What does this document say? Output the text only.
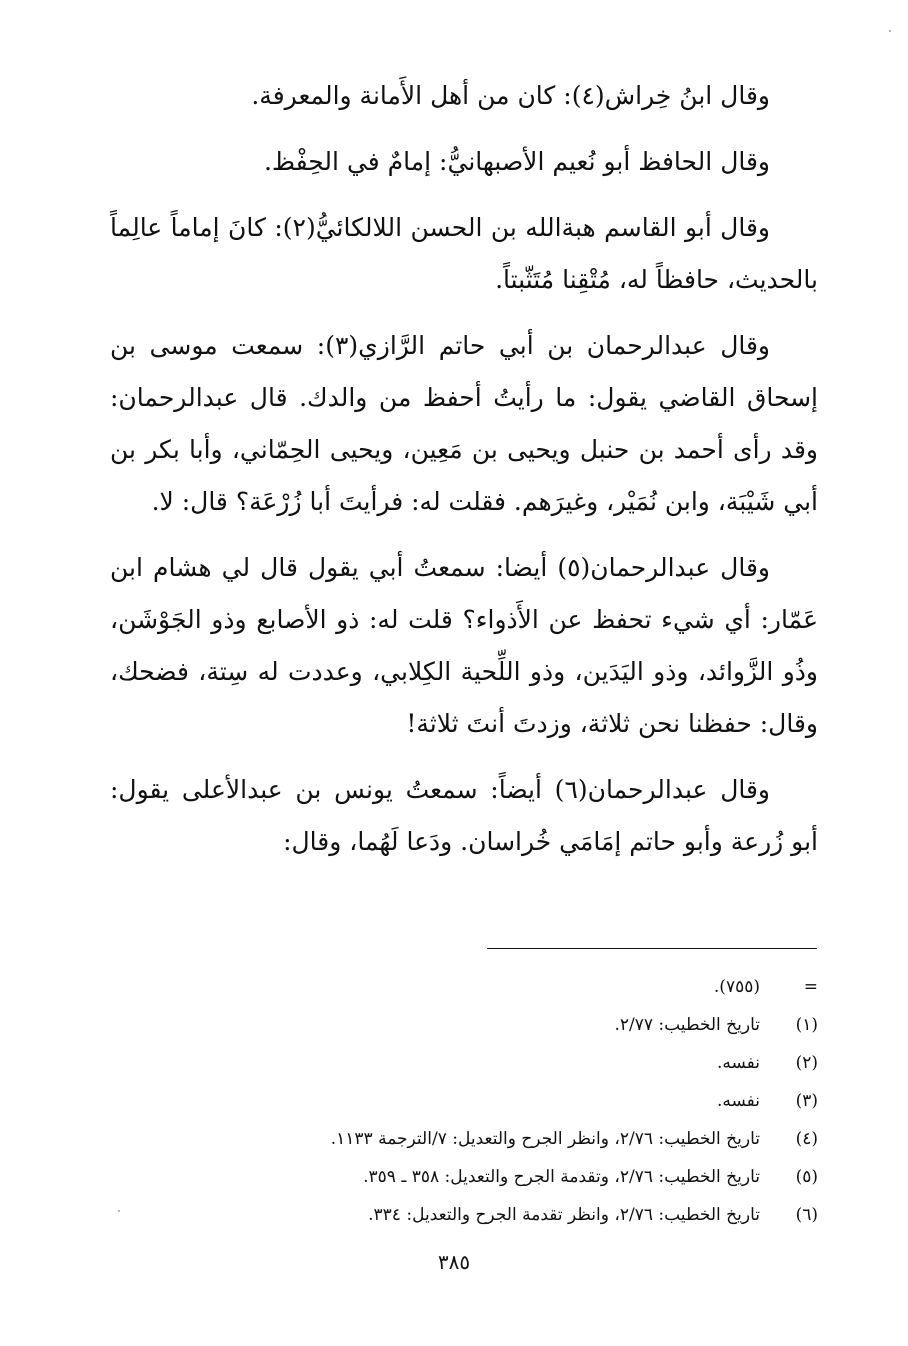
وقال ابنُ خِراش(٤): كان من أهل الأَمانة والمعرفة.

وقال الحافظ أبو نُعيم الأصبهانيُّ: إمامٌ في الحِفْظ.

وقال أبو القاسم هبةالله بن الحسن اللالكائيُّ(٢): كانَ إماماً عالِماً بالحديث، حافظاً له، مُتْقِنا مُتَثّبتاً.

وقال عبدالرحمان بن أبي حاتم الرَّازي(٣): سمعت موسى بن إسحاق القاضي يقول: ما رأيتُ أحفظ من والدك. قال عبدالرحمان: وقد رأى أحمد بن حنبل ويحيى بن مَعِين، ويحيى الحِمّاني، وأبا بكر بن أبي شَيْبَة، وابن نُمَيْر، وغيرَهم. فقلت له: فرأيتَ أبا زُرْعَة؟ قال: لا.

وقال عبدالرحمان(٥) أيضا: سمعتُ أبي يقول قال لي هشام ابن عَمّار: أي شيء تحفظ عن الأَذواء؟ قلت له: ذو الأصابع وذو الجَوْشَن، وذُو الزَّوائد، وذو اليَدَين، وذو اللِّحية الكِلابي، وعددت له سِتة، فضحك، وقال: حفظنا نحن ثلاثة، وزدتَ أنتَ ثلاثة!

وقال عبدالرحمان(٦) أيضاً: سمعتُ يونس بن عبدالأعلى يقول: أبو زُرعة وأبو حاتم إمَامَي خُراسان. ودَعا لَهُما، وقال:

=
(٧٥٥).
(١)
تاريخ الخطيب: ٢/٧٧.
(٢)
نفسه.
(٣)
نفسه.
(٤)
تاريخ الخطيب: ٢/٧٦، وانظر الجرح والتعديل: ٧/الترجمة ١١٣٣.
(٥)
تاريخ الخطيب: ٢/٧٦، وتقدمة الجرح والتعديل: ٣٥٨ ـ ٣٥٩.
(٦)
تاريخ الخطيب: ٢/٧٦، وانظر تقدمة الجرح والتعديل: ٣٣٤.
٣٨٥
